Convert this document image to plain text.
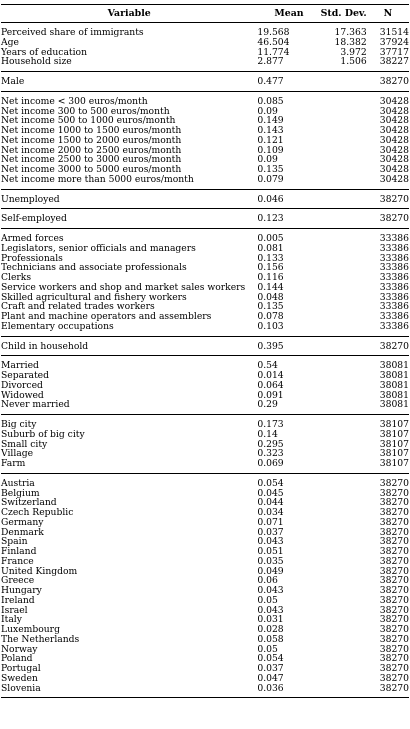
Variable	Mean	Std. Dev.	N
Perceived share of immigrants	19.568	17.363	31514
Age	46.504	18.382	37924
Years of education	11.774	3.972	37717
Household size	2.877	1.506	38227
Male	0.477		38270
Net income < 300 euros/month	0.085		30428
Net income 300 to 500 euros/month	0.09		30428
Net income 500 to 1000 euros/month	0.149		30428
Net income 1000 to 1500 euros/month	0.143		30428
Net income 1500 to 2000 euros/month	0.121		30428
Net income 2000 to 2500 euros/month	0.109		30428
Net income 2500 to 3000 euros/month	0.09		30428
Net income 3000 to 5000 euros/month	0.135		30428
Net income more than 5000 euros/month	0.079		30428
Unemployed	0.046		38270
Self-employed	0.123		38270
Armed forces	0.005		33386
Legislators, senior officials and managers	0.081		33386
Professionals	0.133		33386
Technicians and associate professionals	0.156		33386
Clerks	0.116		33386
Service workers and shop and market sales workers	0.144		33386
Skilled agricultural and fishery workers	0.048		33386
Craft and related trades workers	0.135		33386
Plant and machine operators and assemblers	0.078		33386
Elementary occupations	0.103		33386
Child in household	0.395		38270
Married	0.54		38081
Separated	0.014		38081
Divorced	0.064		38081
Widowed	0.091		38081
Never married	0.29		38081
Big city	0.173		38107
Suburb of big city	0.14		38107
Small city	0.295		38107
Village	0.323		38107
Farm	0.069		38107
Austria	0.054		38270
Belgium	0.045		38270
Switzerland	0.044		38270
Czech Republic	0.034		38270
Germany	0.071		38270
Denmark	0.037		38270
Spain	0.043		38270
Finland	0.051		38270
France	0.035		38270
United Kingdom	0.049		38270
Greece	0.06		38270
Hungary	0.043		38270
Ireland	0.05		38270
Israel	0.043		38270
Italy	0.031		38270
Luxembourg	0.028		38270
The Netherlands	0.058		38270
Norway	0.05		38270
Poland	0.054		38270
Portugal	0.037		38270
Sweden	0.047		38270
Slovenia	0.036		38270
